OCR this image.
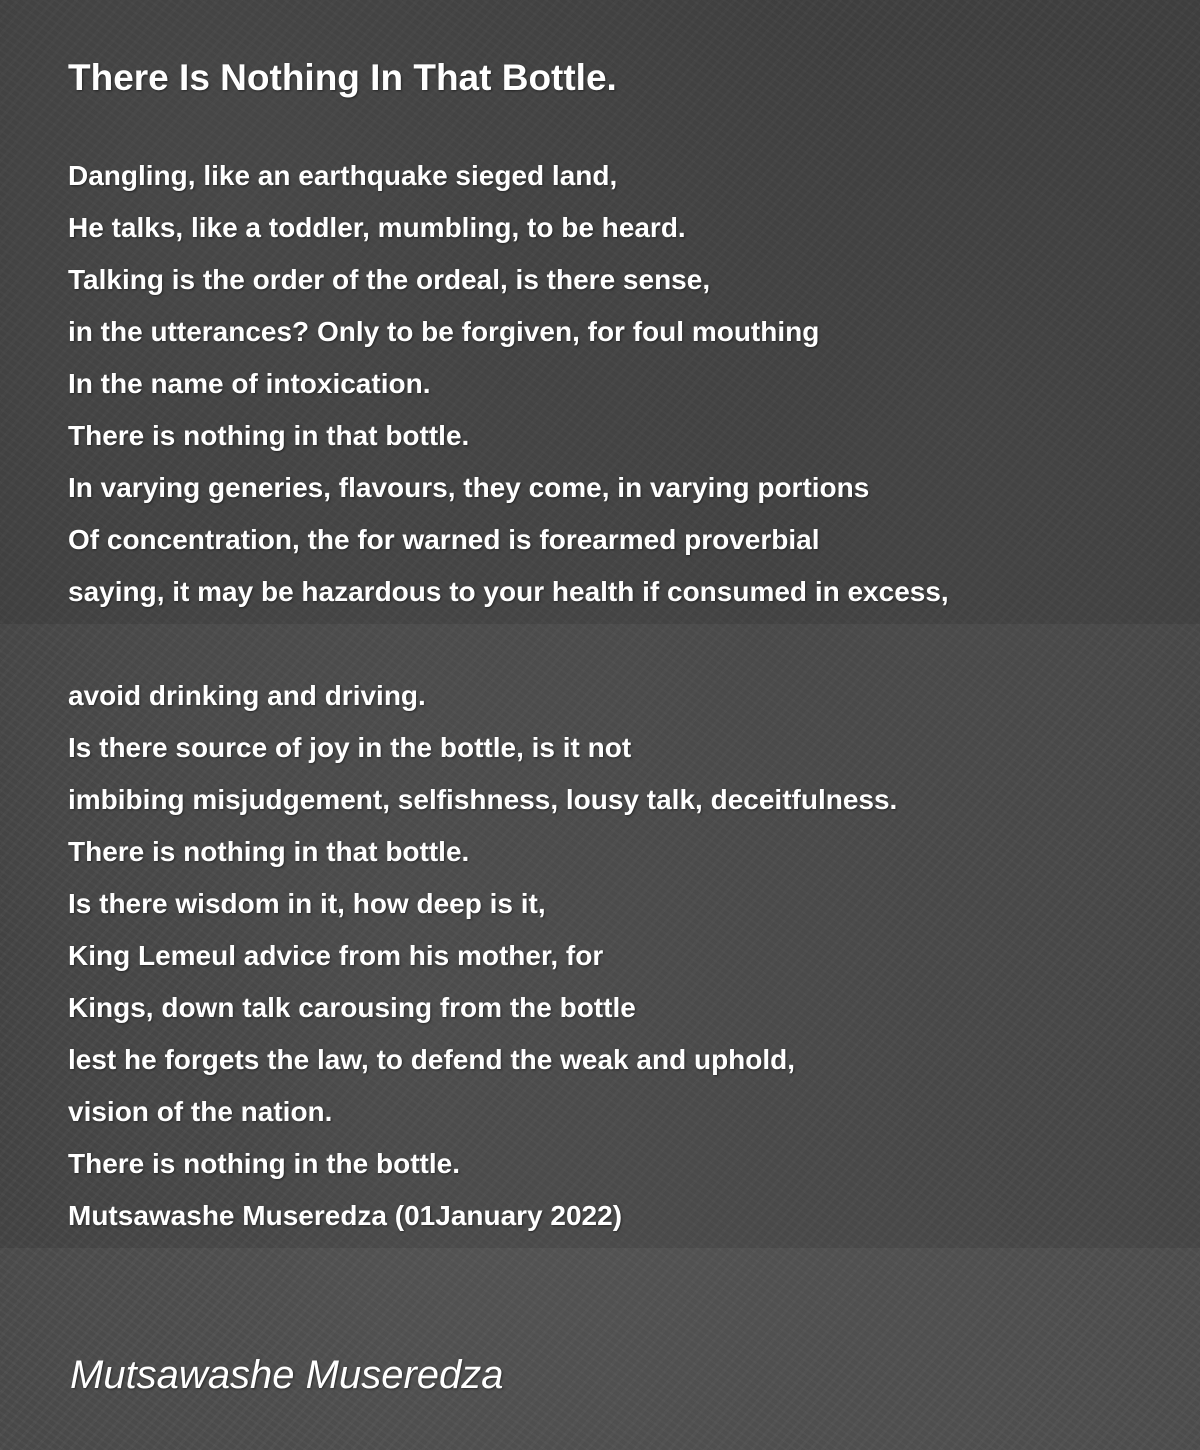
There Is Nothing In That Bottle.
Dangling, like an earthquake sieged land,
He talks, like a toddler, mumbling, to be heard.
Talking is the order of the ordeal, is there sense,
in the utterances? Only to be forgiven, for foul mouthing
In the name of intoxication.
There is nothing in that bottle.
In varying generies, flavours, they come, in varying portions
Of concentration, the for warned is forearmed proverbial
saying, it may be hazardous to your health if consumed in excess,
avoid drinking and driving.
Is there source of joy in the bottle, is it not
imbibing misjudgement, selfishness, lousy talk, deceitfulness.
There is nothing in that bottle.
Is there wisdom in it, how deep is it,
King Lemeul advice from his mother, for
Kings, down talk carousing from the bottle
lest he forgets the law, to defend the weak and uphold,
vision of the nation.
There is nothing in the bottle.
Mutsawashe Museredza (01January 2022)

Mutsawashe Museredza
